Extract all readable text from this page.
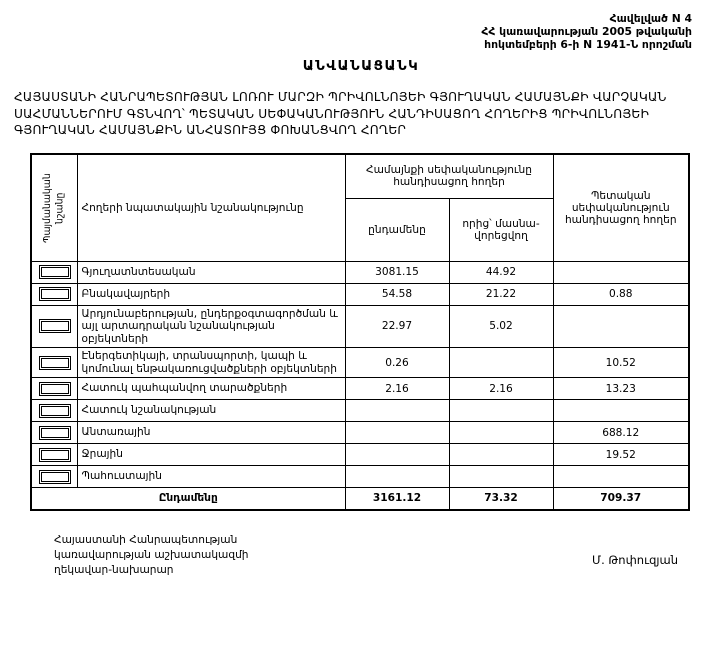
Հավելված N 4
ՀՀ կառավարության 2005 թվականի
հոկտեմբերի 6-ի N 1941-Ն որոշման
ԱՆՎԱՆԱՑԱՆԿ
ՀԱՅԱՍՏԱՆԻ ՀԱՆՐԱՊԵՏՈՒԹՅԱՆ ԼՈՌՈՒ ՄԱՐԶԻ ՊՐԻՎՈԼՆՈՅԵԻ ԳՅՈՒՂԱԿԱՆ ՀԱՄԱՅՆՔԻ ՎԱՐՉԱԿԱՆ ՍԱՀՄԱՆՆԵՐՈՒՄ ԳՏՆՎՈՂ՝ ՊԵՏԱԿԱՆ ՍԵՓԱԿԱՆՈՒԹՅՈՒՆ ՀԱՆԴԻՍԱՑՈՂ ՀՈՂԵՐԻՑ ՊՐԻՎՈԼՆՈՅԵԻ ԳՅՈՒՂԱԿԱՆ ՀԱՄԱՅՆՔԻՆ ԱՆՀԱՏՈՒՅՑ ՓՈԽԱՆՑՎՈՂ ՀՈՂԵՐ
Պայմանական նշանը	Հողերի նպատակային նշանակությունը	Համայնքի սեփականությունը հանդիսացող հողեր		Պետական սեփականություն հանդիսացող հողեր
		ընդամենը	որից՝ մասնա-վորեցվող	

	Գյուղատնտեսական	3081.15	44.92	

	Բնակավայրերի	54.58	21.22	0.88

	Արդյունաբերության, ընդերքօգտագործման և այլ արտադրական նշանակության օբյեկտների	22.97	5.02	

	Էներգետիկայի, տրանսպորտի, կապի և կոմունալ ենթակառուցվածքների օբյեկտների	0.26		10.52

	Հատուկ պահպանվող տարածքների	2.16	2.16	13.23

	Հատուկ նշանակության			

	Անտառային			688.12

	Ջրային			19.52

	Պահուստային			
Ընդամենը		3161.12	73.32	709.37
Հայաստանի Հանրապետության
կառավարության աշխատակազմի
ղեկավար-նախարար
Մ. Թոփուզյան
